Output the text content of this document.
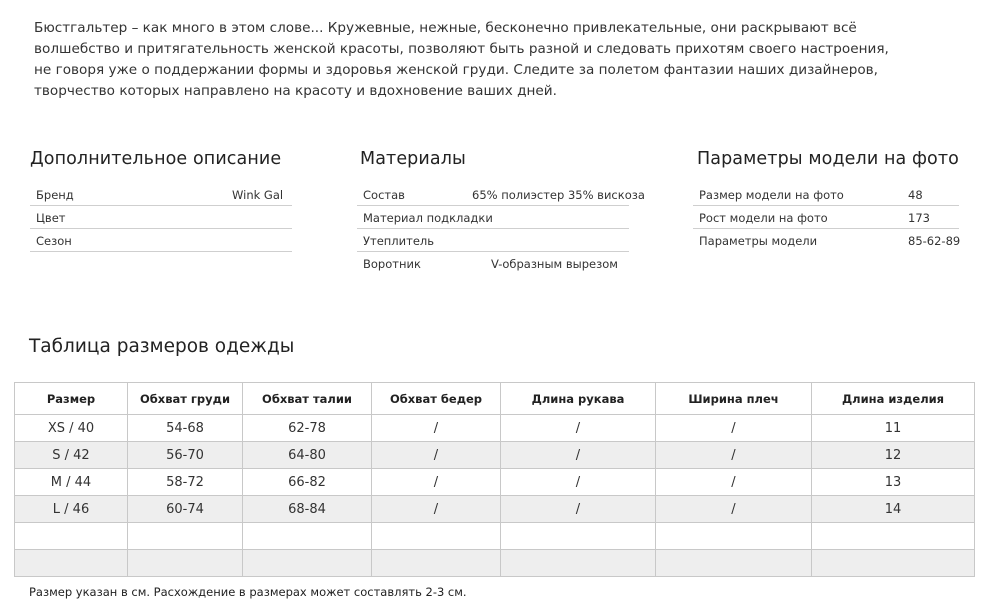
Бюстгальтер – как много в этом слове... Кружевные, нежные, бесконечно привлекательные, они раскрывают всё волшебство и притягательность женской красоты, позволяют быть разной и следовать прихотям своего настроения, не говоря уже о поддержании формы и здоровья женской груди. Следите за полетом фантазии наших дизайнеров, творчество которых направлено на красоту и вдохновение ваших дней.
Дополнительное описание
Бренд	Wink Gal
Цвет
Сезон
Материалы
Состав	65% полиэстер 35% вискоза
Материал подкладки
Утеплитель
Воротник	V-образным вырезом
Параметры модели на фото
Размер модели на фото	48
Рост модели на фото	173
Параметры модели	85-62-89
Таблица размеров одежды
Размер	Обхват груди	Обхват талии	Обхват бедер	Длина рукава	Ширина плеч	Длина изделия
XS / 40	54-68	62-78	/	/	/	11
S / 42	56-70	64-80	/	/	/	12
M / 44	58-72	66-82	/	/	/	13
L / 46	60-74	68-84	/	/	/	14

Размер указан в см. Расхождение в размерах может составлять 2-3 см.
